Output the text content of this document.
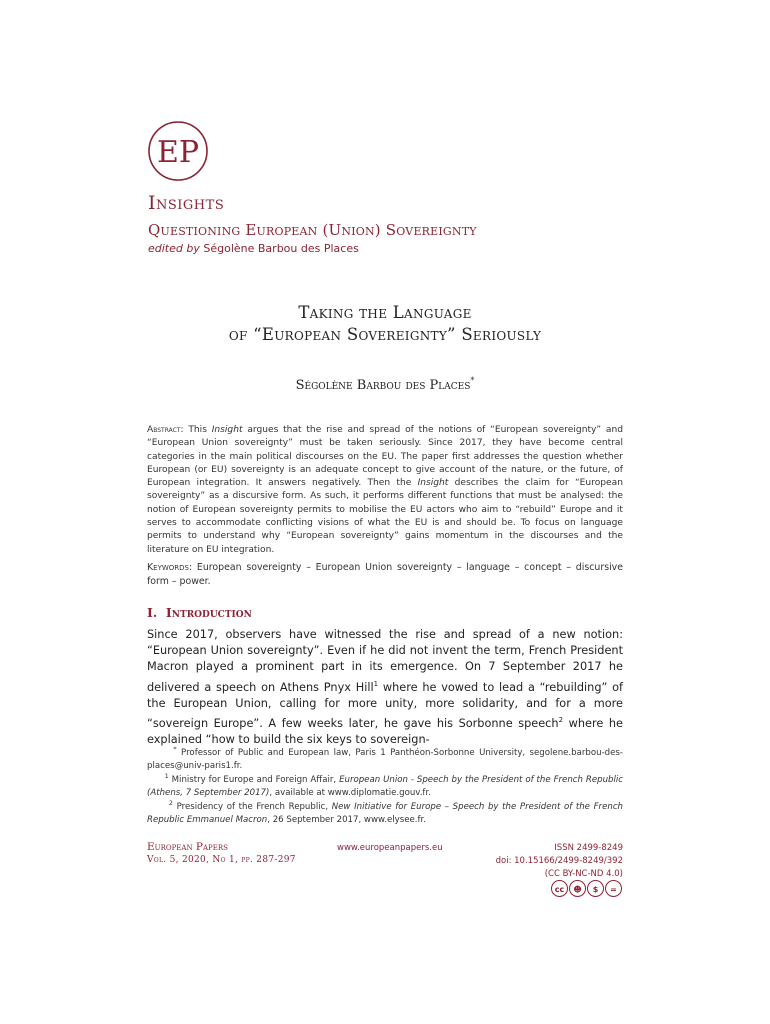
EP
Insights
Questioning European (Union) Sovereignty
edited by Ségolène Barbou des Places
Taking the Language
of “European Sovereignty” Seriously
Ségolène Barbou des Places*
Abstract: This Insight argues that the rise and spread of the notions of “European sovereignty” and “European Union sovereignty” must be taken seriously. Since 2017, they have become central categories in the main political discourses on the EU. The paper first addresses the question whether European (or EU) sovereignty is an adequate concept to give account of the nature, or the future, of European integration. It answers negatively. Then the Insight describes the claim for “European sovereignty” as a discursive form. As such, it performs different functions that must be analysed: the notion of European sovereignty permits to mobilise the EU actors who aim to “rebuild” Europe and it serves to accommodate conflicting visions of what the EU is and should be. To focus on language permits to understand why “European sovereignty” gains momentum in the discourses and the literature on EU integration.
Keywords: European sovereignty – European Union sovereignty – language – concept – discursive form – power.
I. Introduction
Since 2017, observers have witnessed the rise and spread of a new notion: “European Union sovereignty”. Even if he did not invent the term, French President Macron played a prominent part in its emergence. On 7 September 2017 he delivered a speech on Athens Pnyx Hill$^1$ where he vowed to lead a “rebuilding” of the European Union, calling for more unity, more solidarity, and for a more “sovereign Europe”. A few weeks later, he gave his Sorbonne speech$^2$ where he explained “how to build the six keys to sovereign-
* Professor of Public and European law, Paris 1 Panthéon-Sorbonne University, segolene.barbou-des-places@univ-paris1.fr.
$^1$ Ministry for Europe and Foreign Affair, European Union - Speech by the President of the French Republic (Athens, 7 September 2017), available at www.diplomatie.gouv.fr.
$^2$ Presidency of the French Republic, New Initiative for Europe – Speech by the President of the French Republic Emmanuel Macron, 26 September 2017, www.elysee.fr.
European Papers
Vol. 5, 2020, No 1, pp. 287-297
www.europeanpapers.eu	ISSN 2499-8249
doi: 10.15166/2499-8249/392
(CC BY-NC-ND 4.0)
cc	☻	$	=
